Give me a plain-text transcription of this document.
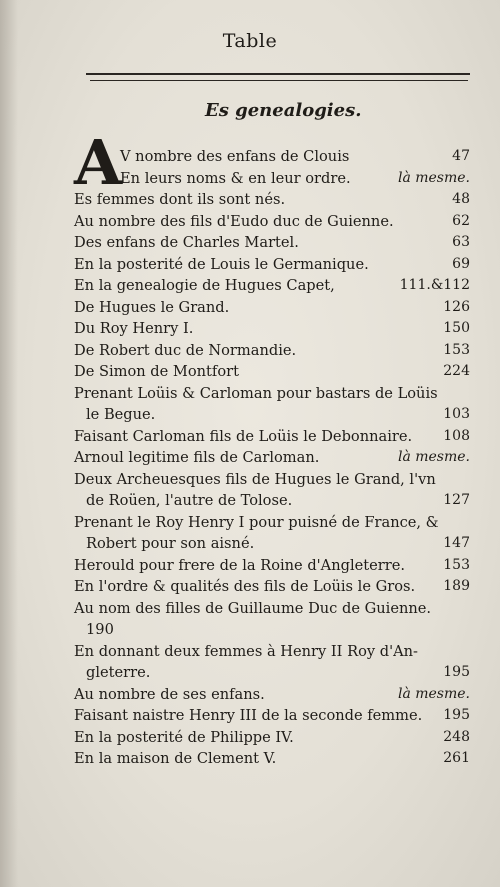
Table
Es genealogies.
A
V nombre des enfans de Clouis	47
En leurs noms & en leur ordre.	là mesme.
Es femmes dont ils sont nés.	48
Au nombre des fils d'Eudo duc de Guienne.	62
Des enfans de Charles Martel.	63
En la posterité de Louis le Germanique.	69
En la genealogie de Hugues Capet,	111.&112
De Hugues le Grand.	126
Du Roy Henry I.	150
De Robert duc de Normandie.	153
De Simon de Montfort	224
Prenant Loüis & Carloman pour bastars de Loüis
le Begue.	103
Faisant Carloman fils de Loüis le Debonnaire. 108
Arnoul legitime fils de Carloman.	là mesme.
Deux Archeuesques fils de Hugues le Grand, l'vn
de Roüen, l'autre de Tolose.	127
Prenant le Roy Henry I pour puisné de France, &
Robert pour son aisné.	147
Herould pour frere de la Roine d'Angleterre.	153
En l'ordre & qualités des fils de Loüis le Gros. 189
Au nom des filles de Guillaume Duc de Guienne.
190
En donnant deux femmes à Henry II Roy d'An-
gleterre.	195
Au nombre de ses enfans.	là mesme.
Faisant naistre Henry III de la seconde femme. 195
En la posterité de Philippe IV.	248
En la maison de Clement V.	261
